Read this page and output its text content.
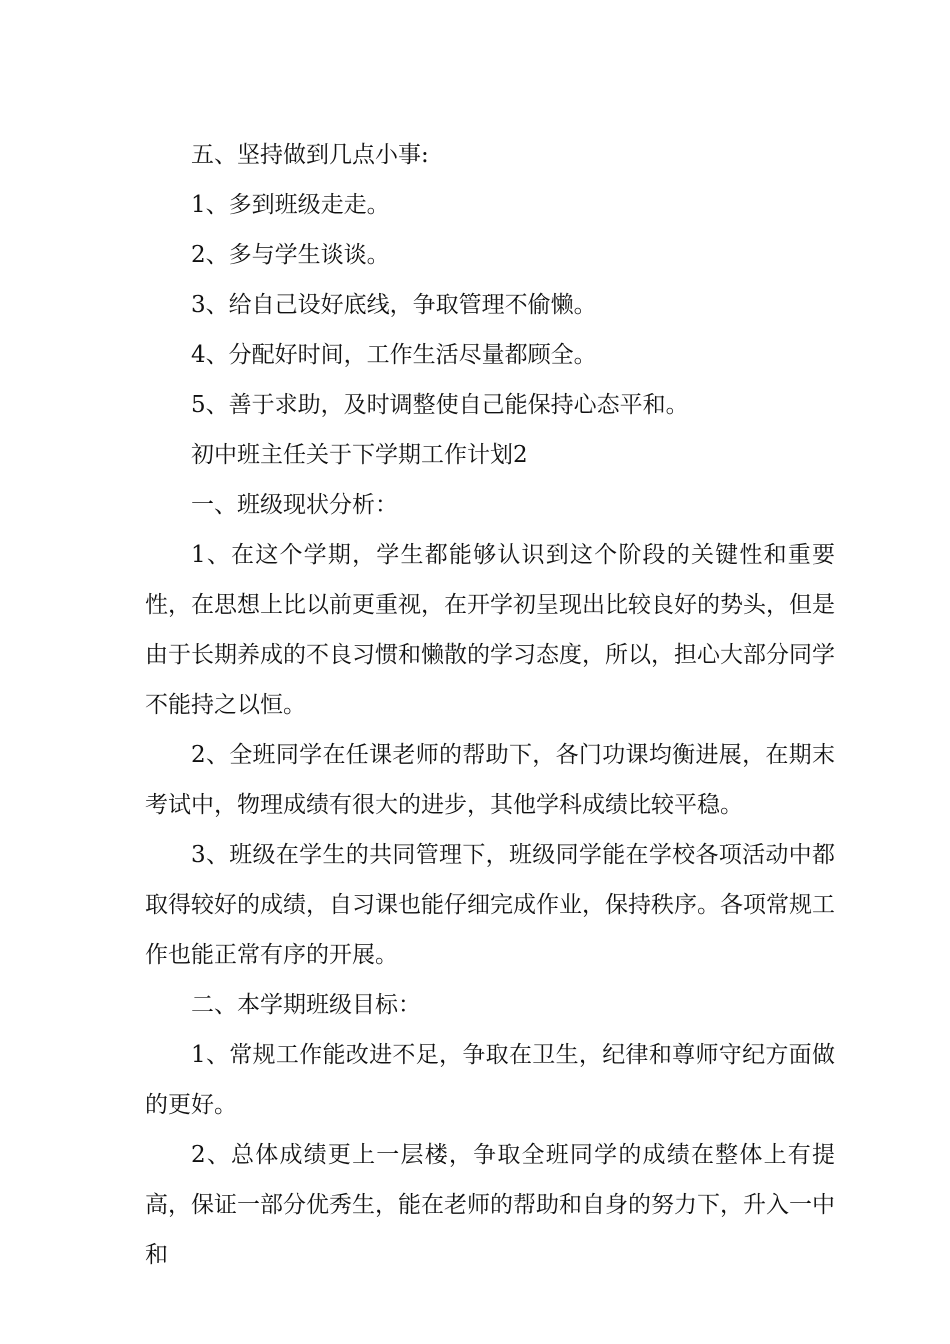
五、坚持做到几点小事:

1、多到班级走走。

2、多与学生谈谈。

3、给自己设好底线，争取管理不偷懒。

4、分配好时间，工作生活尽量都顾全。

5、善于求助，及时调整使自己能保持心态平和。

初中班主任关于下学期工作计划2

一、班级现状分析：

1、在这个学期，学生都能够认识到这个阶段的关键性和重要性，在思想上比以前更重视，在开学初呈现出比较良好的势头，但是由于长期养成的不良习惯和懒散的学习态度，所以，担心大部分同学不能持之以恒。

2、全班同学在任课老师的帮助下，各门功课均衡进展，在期末考试中，物理成绩有很大的进步，其他学科成绩比较平稳。

3、班级在学生的共同管理下，班级同学能在学校各项活动中都取得较好的成绩，自习课也能仔细完成作业，保持秩序。各项常规工作也能正常有序的开展。

二、本学期班级目标：

1、常规工作能改进不足，争取在卫生，纪律和尊师守纪方面做的更好。

2、总体成绩更上一层楼，争取全班同学的成绩在整体上有提高，保证一部分优秀生，能在老师的帮助和自身的努力下，升入一中和
